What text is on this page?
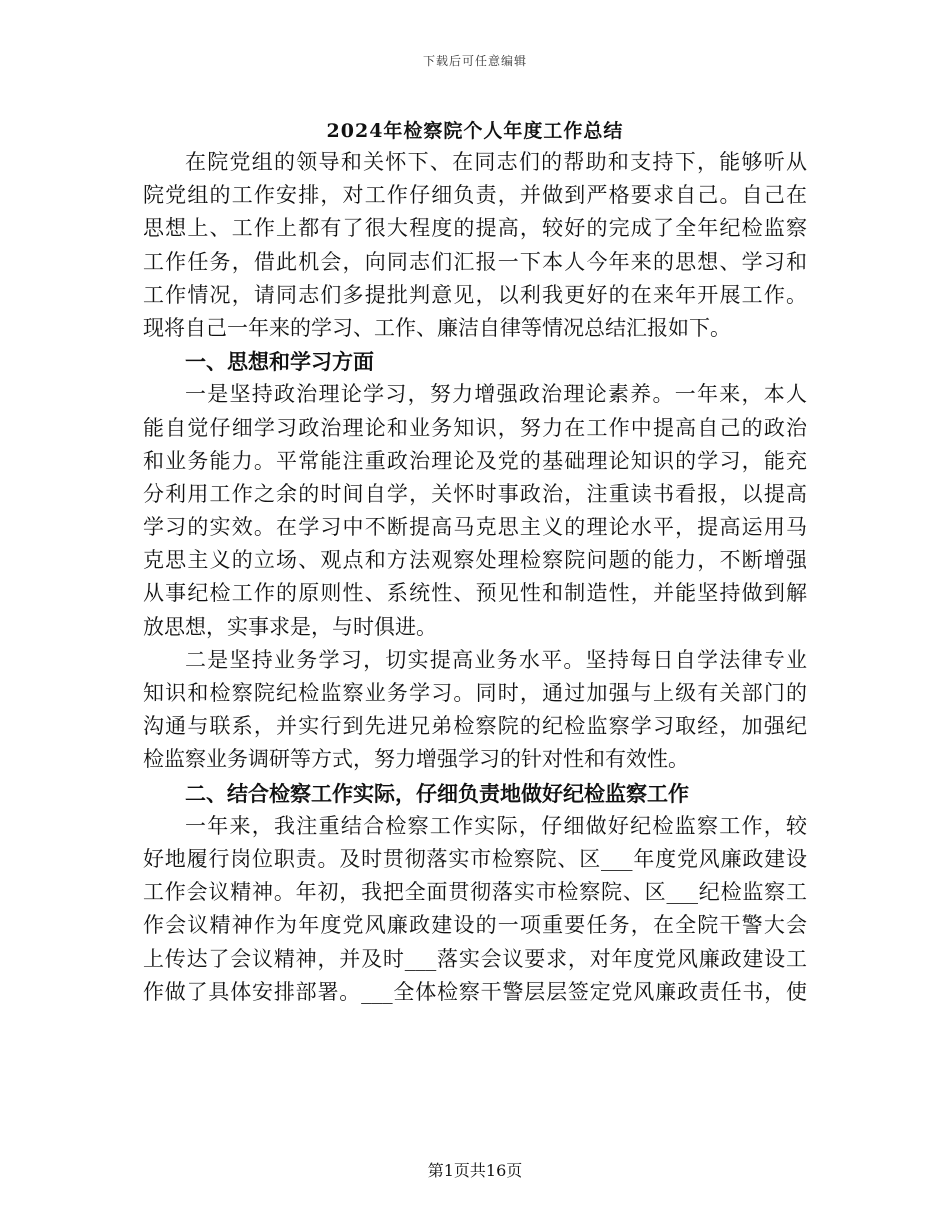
下载后可任意编辑
2024年检察院个人年度工作总结
在院党组的领导和关怀下、在同志们的帮助和支持下，能够听从
院党组的工作安排，对工作仔细负责，并做到严格要求自己。自己在
思想上、工作上都有了很大程度的提高，较好的完成了全年纪检监察
工作任务，借此机会，向同志们汇报一下本人今年来的思想、学习和
工作情况，请同志们多提批判意见，以利我更好的在来年开展工作。
现将自己一年来的学习、工作、廉洁自律等情况总结汇报如下。
一、思想和学习方面
一是坚持政治理论学习，努力增强政治理论素养。一年来，本人
能自觉仔细学习政治理论和业务知识，努力在工作中提高自己的政治
和业务能力。平常能注重政治理论及党的基础理论知识的学习，能充
分利用工作之余的时间自学，关怀时事政治，注重读书看报，以提高
学习的实效。在学习中不断提高马克思主义的理论水平，提高运用马
克思主义的立场、观点和方法观察处理检察院问题的能力，不断增强
从事纪检工作的原则性、系统性、预见性和制造性，并能坚持做到解
放思想，实事求是，与时俱进。
二是坚持业务学习，切实提高业务水平。坚持每日自学法律专业
知识和检察院纪检监察业务学习。同时，通过加强与上级有关部门的
沟通与联系，并实行到先进兄弟检察院的纪检监察学习取经，加强纪
检监察业务调研等方式，努力增强学习的针对性和有效性。
二、结合检察工作实际，仔细负责地做好纪检监察工作
一年来，我注重结合检察工作实际，仔细做好纪检监察工作，较
好地履行岗位职责。及时贯彻落实市检察院、区___年度党风廉政建设
工作会议精神。年初，我把全面贯彻落实市检察院、区___纪检监察工
作会议精神作为年度党风廉政建设的一项重要任务，在全院干警大会
上传达了会议精神，并及时___落实会议要求，对年度党风廉政建设工
作做了具体安排部署。___全体检察干警层层签定党风廉政责任书，使
第1页共16页
